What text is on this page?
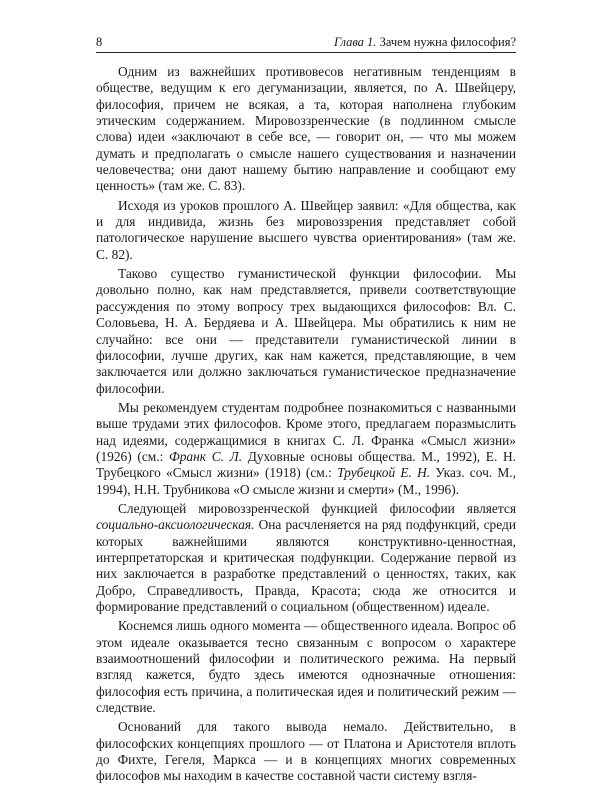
8	Глава 1. Зачем нужна философия?

Одним из важнейших противовесов негативным тенденциям в обществе, ведущим к его дегуманизации, является, по А. Швейцеру, философия, причем не всякая, а та, которая наполнена глубоким этическим содержанием. Мировоззренческие (в подлинном смысле слова) идеи «заключают в себе все, — говорит он, — что мы можем думать и предполагать о смысле нашего существования и назначении человечества; они дают нашему бытию направление и сообщают ему ценность» (там же. С. 83).

Исходя из уроков прошлого А. Швейцер заявил: «Для общества, как и для индивида, жизнь без мировоззрения представляет собой патологическое нарушение высшего чувства ориентирования» (там же. С. 82).

Таково существо гуманистической функции философии. Мы довольно полно, как нам представляется, привели соответствующие рассуждения по этому вопросу трех выдающихся философов: Вл. С. Соловьева, Н. А. Бердяева и А. Швейцера. Мы обратились к ним не случайно: все они — представители гуманистической линии в философии, лучше других, как нам кажется, представляющие, в чем заключается или должно заключаться гуманистическое предназначение философии.

Мы рекомендуем студентам подробнее познакомиться с названными выше трудами этих философов. Кроме этого, предлагаем поразмыслить над идеями, содержащимися в книгах С. Л. Франка «Смысл жизни» (1926) (см.: Франк С. Л. Духовные основы общества. М., 1992), Е. Н. Трубецкого «Смысл жизни» (1918) (см.: Трубецкой Е. Н. Указ. соч. М., 1994), Н.Н. Трубникова «О смысле жизни и смерти» (М., 1996).

Следующей мировоззренческой функцией философии является социально-аксиологическая. Она расчленяется на ряд подфункций, среди которых важнейшими являются конструктивно-ценностная, интерпретаторская и критическая подфункции. Содержание первой из них заключается в разработке представлений о ценностях, таких, как Добро, Справедливость, Правда, Красота; сюда же относится и формирование представлений о социальном (общественном) идеале.

Коснемся лишь одного момента — общественного идеала. Вопрос об этом идеале оказывается тесно связанным с вопросом о характере взаимоотношений философии и политического режима. На первый взгляд кажется, будто здесь имеются однозначные отношения: философия есть причина, а политическая идея и политический режим — следствие.

Оснований для такого вывода немало. Действительно, в философских концепциях прошлого — от Платона и Аристотеля вплоть до Фихте, Гегеля, Маркса — и в концепциях многих современных философов мы находим в качестве составной части систему взгля-
